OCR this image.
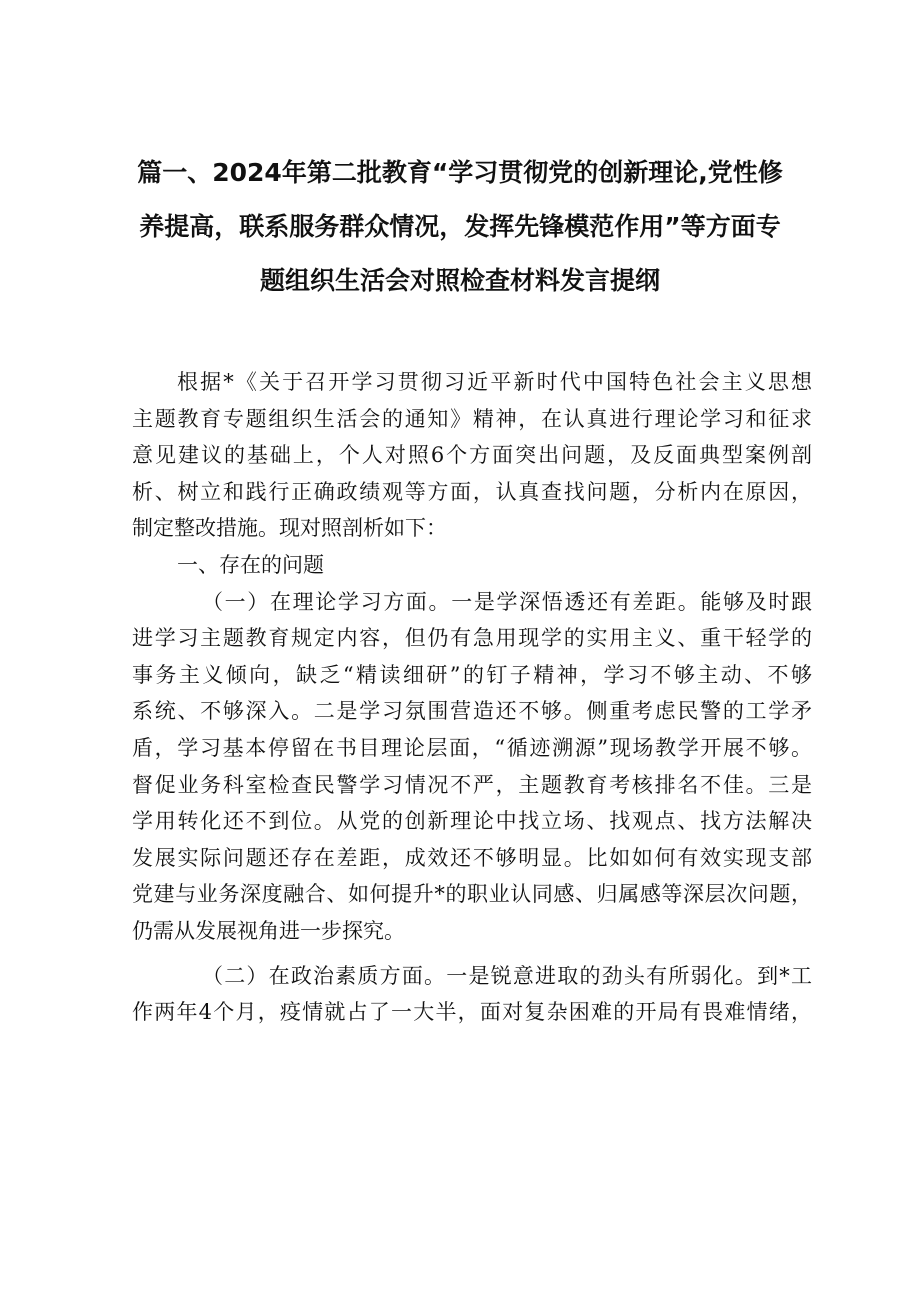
篇一、2024年第二批教育“学习贯彻党的创新理论,党性修
养提高，联系服务群众情况，发挥先锋模范作用”等方面专
题组织生活会对照检查材料发言提纲
根据*《关于召开学习贯彻习近平新时代中国特色社会主义思想
主题教育专题组织生活会的通知》精神，在认真进行理论学习和征求
意见建议的基础上，个人对照6个方面突出问题，及反面典型案例剖
析、树立和践行正确政绩观等方面，认真查找问题，分析内在原因，
制定整改措施。现对照剖析如下：
一、存在的问题
（一）在理论学习方面。一是学深悟透还有差距。能够及时跟
进学习主题教育规定内容，但仍有急用现学的实用主义、重干轻学的
事务主义倾向，缺乏“精读细研”的钉子精神，学习不够主动、不够
系统、不够深入。二是学习氛围营造还不够。侧重考虑民警的工学矛
盾，学习基本停留在书目理论层面，“循迹溯源”现场教学开展不够。
督促业务科室检查民警学习情况不严，主题教育考核排名不佳。三是
学用转化还不到位。从党的创新理论中找立场、找观点、找方法解决
发展实际问题还存在差距，成效还不够明显。比如如何有效实现支部
党建与业务深度融合、如何提升*的职业认同感、归属感等深层次问题，
仍需从发展视角进一步探究。
（二）在政治素质方面。一是锐意进取的劲头有所弱化。到*工
作两年4个月，疫情就占了一大半，面对复杂困难的开局有畏难情绪，
